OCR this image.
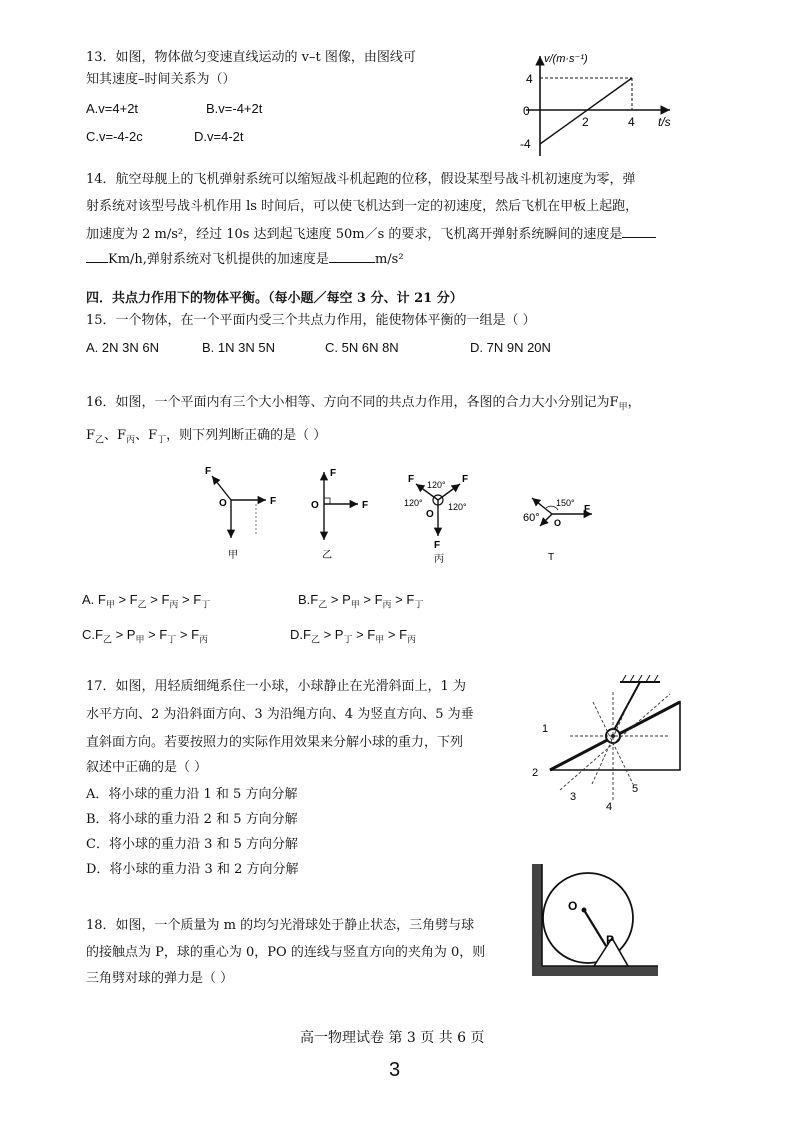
13．如图，物体做匀变速直线运动的 v–t 图像，由图线可
知其速度–时间关系为（）
A.v=4+2t	B.v=-4+2t
C.v=-4-2c	D.v=4-2t
v/(m·s⁻¹)
t/s
4
0
-4
2	4
14．航空母舰上的飞机弹射系统可以缩短战斗机起跑的位移，假设某型号战斗机初速度为零，弹
射系统对该型号战斗机作用 ls 时间后，可以使飞机达到一定的初速度，然后飞机在甲板上起跑，
加速度为 2 m/s²，经过 10s 达到起飞速度 50m／s 的要求，飞机离开弹射系统瞬间的速度是
Km/h,弹射系统对飞机提供的加速度是	m/s²
四．共点力作用下的物体平衡。（每小题／每空 3 分、计 21 分）
15．一个物体，在一个平面内受三个共点力作用，能使物体平衡的一组是（ ）
A. 2N 3N 6N	B. 1N 3N 5N	C. 5N 6N 8N	D. 7N 9N 20N
16．如图，一个平面内有三个大小相等、方向不同的共点力作用，各图的合力大小分别记为$F_甲$，
$F_乙$、$F_丙$、$F_丁$，则下列判断正确的是（ ）
F
O	F
甲
F
O	F
乙
F	F
120°
120°	120°
O
F
丙
150°
60° O
F
T
A. $F_甲 > F_乙 > F_丙 > F_丁$	$B.F_乙 > P_甲 > F_丙 > F_丁$
$C.F_乙 > P_甲 > F_丁 > F_丙$	$D.F_乙 > P_丁 > F_甲 > F_丙$
17．如图，用轻质细绳系住一小球，小球静止在光滑斜面上，1 为
水平方向、2 为沿斜面方向、3 为沿绳方向、4 为竖直方向、5 为垂
直斜面方向。若要按照力的实际作用效果来分解小球的重力，下列
叙述中正确的是（ ）
A．将小球的重力沿 1 和 5 方向分解
B．将小球的重力沿 2 和 5 方向分解
C．将小球的重力沿 3 和 5 方向分解
D．将小球的重力沿 3 和 2 方向分解
1
2
3
4
5
18．如图，一个质量为 m 的均匀光滑球处于静止状态，三角劈与球
的接触点为 P，球的重心为 0，PO 的连线与竖直方向的夹角为 0，则
三角劈对球的弹力是（ ）
O
P
高一物理试卷 第 3 页 共 6 页
3
